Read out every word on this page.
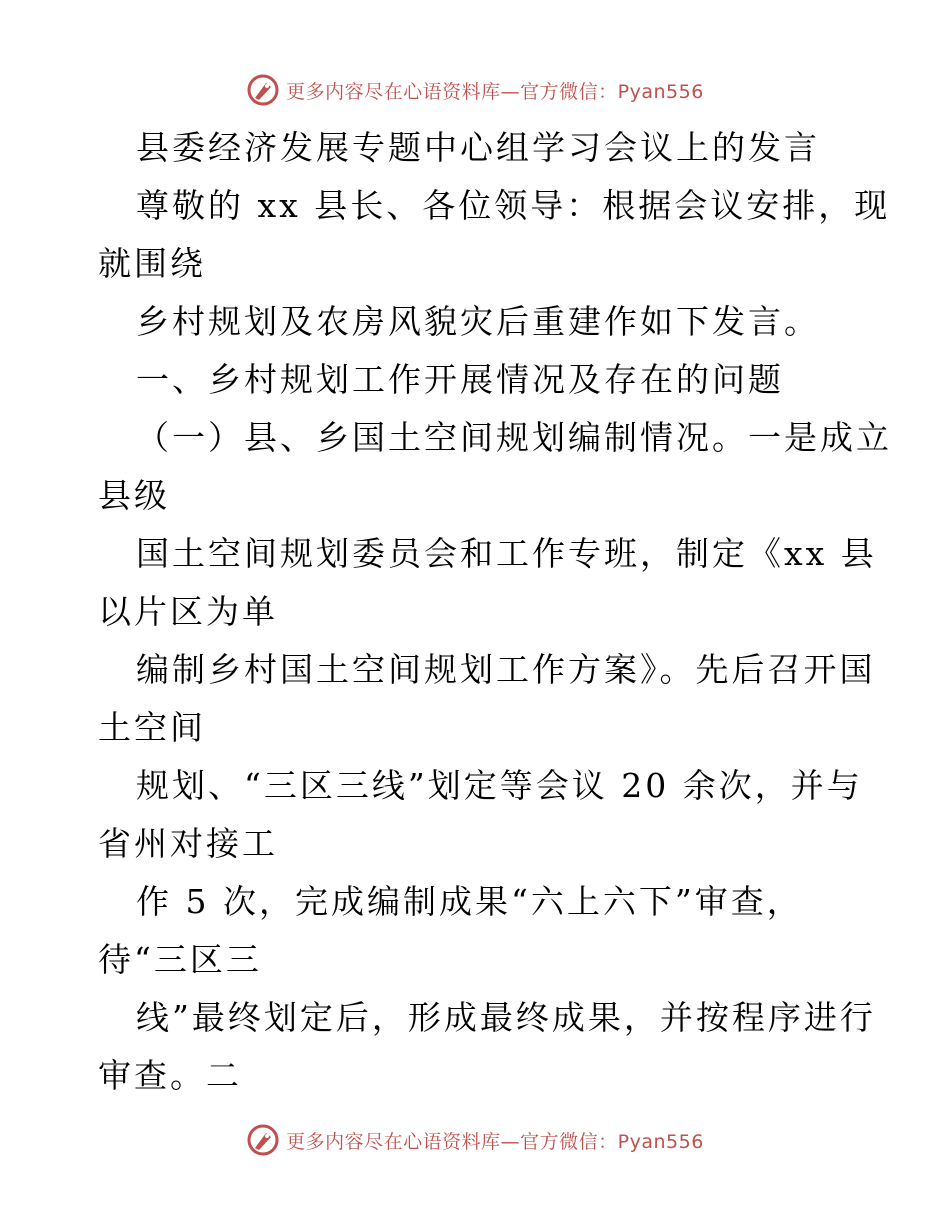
更多内容尽在心语资料库—官方微信：Pyan556
县委经济发展专题中心组学习会议上的发言
尊敬的 xx 县长、各位领导：根据会议安排，现
就围绕
乡村规划及农房风貌灾后重建作如下发言。
一、乡村规划工作开展情况及存在的问题
（一）县、乡国土空间规划编制情况。一是成立
县级
国土空间规划委员会和工作专班，制定《xx 县
以片区为单
编制乡村国土空间规划工作方案》。先后召开国
土空间
规划、“三区三线”划定等会议 20 余次，并与
省州对接工
作 5 次，完成编制成果“六上六下”审查，
待“三区三
线”最终划定后，形成最终成果，并按程序进行
审查。二
更多内容尽在心语资料库—官方微信：Pyan556
